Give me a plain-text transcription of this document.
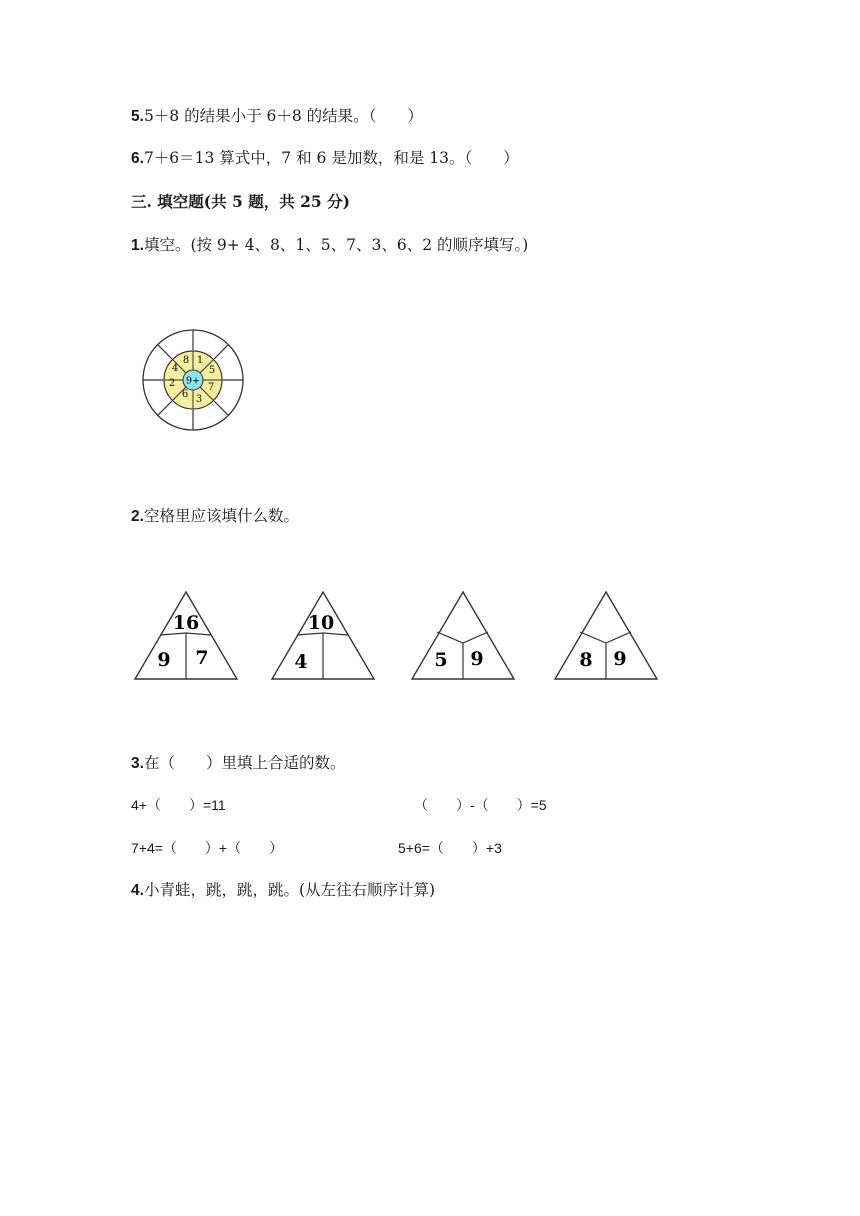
5.5＋8 的结果小于 6＋8 的结果。（　　）
6.7＋6＝13 算式中，7 和 6 是加数，和是 13。（　　）
三. 填空题(共 5 题，共 25 分)
1.填空。(按 9+ 4、8、1、5、7、3、6、2 的顺序填写。)
9+
8 1
5
7
3
6
2
4
2.空格里应该填什么数。
16
9 7
10
4	5 9	8 9
3.在（　　）里填上合适的数。
4+（　　）=11	（　　）-（　　）=5
7+4=（　　）+（　　）	5+6=（　　）+3
4.小青蛙，跳，跳，跳。(从左往右顺序计算)
